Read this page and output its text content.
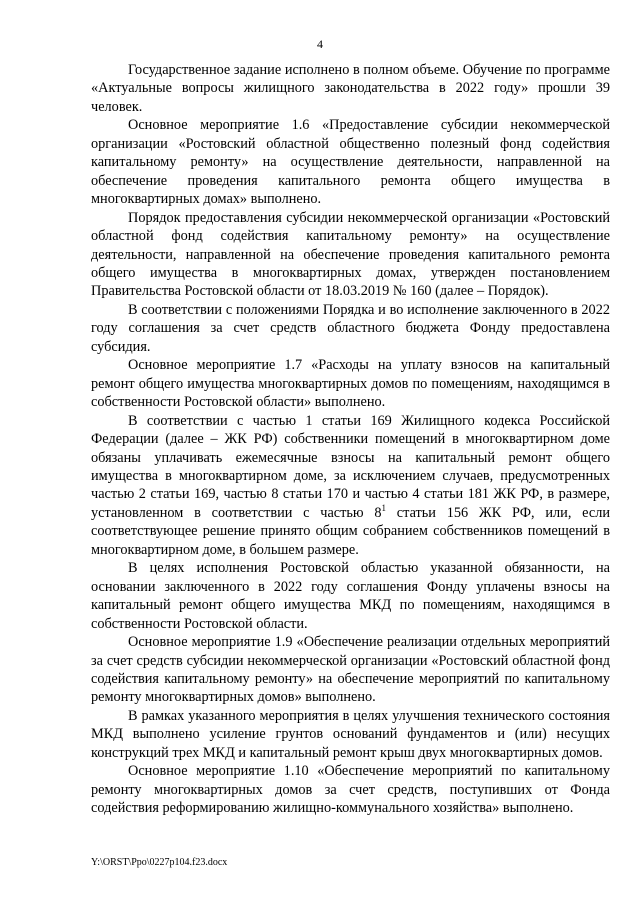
4

Государственное задание исполнено в полном объеме. Обучение по программе «Актуальные вопросы жилищного законодательства в 2022 году» прошли 39 человек.

Основное мероприятие 1.6 «Предоставление субсидии некоммерческой организации «Ростовский областной общественно полезный фонд содействия капитальному ремонту» на осуществление деятельности, направленной на обеспечение проведения капитального ремонта общего имущества в многоквартирных домах» выполнено.

Порядок предоставления субсидии некоммерческой организации «Ростовский областной фонд содействия капитальному ремонту» на осуществление деятельности, направленной на обеспечение проведения капитального ремонта общего имущества в многоквартирных домах, утвержден постановлением Правительства Ростовской области от 18.03.2019 № 160 (далее – Порядок).

В соответствии с положениями Порядка и во исполнение заключенного в 2022 году соглашения за счет средств областного бюджета Фонду предоставлена субсидия.

Основное мероприятие 1.7 «Расходы на уплату взносов на капитальный ремонт общего имущества многоквартирных домов по помещениям, находящимся в собственности Ростовской области» выполнено.

В соответствии с частью 1 статьи 169 Жилищного кодекса Российской Федерации (далее – ЖК РФ) собственники помещений в многоквартирном доме обязаны уплачивать ежемесячные взносы на капитальный ремонт общего имущества в многоквартирном доме, за исключением случаев, предусмотренных частью 2 статьи 169, частью 8 статьи 170 и частью 4 статьи 181 ЖК РФ, в размере, установленном в соответствии с частью $8^1$ статьи 156 ЖК РФ, или, если соответствующее решение принято общим собранием собственников помещений в многоквартирном доме, в большем размере.

В целях исполнения Ростовской областью указанной обязанности, на основании заключенного в 2022 году соглашения Фонду уплачены взносы на капитальный ремонт общего имущества МКД по помещениям, находящимся в собственности Ростовской области.

Основное мероприятие 1.9 «Обеспечение реализации отдельных мероприятий за счет средств субсидии некоммерческой организации «Ростовский областной фонд содействия капитальному ремонту» на обеспечение мероприятий по капитальному ремонту многоквартирных домов» выполнено.

В рамках указанного мероприятия в целях улучшения технического состояния МКД выполнено усиление грунтов оснований фундаментов и (или) несущих конструкций трех МКД и капитальный ремонт крыш двух многоквартирных домов.

Основное мероприятие 1.10 «Обеспечение мероприятий по капитальному ремонту многоквартирных домов за счет средств, поступивших от Фонда содействия реформированию жилищно-коммунального хозяйства» выполнено.

Y:\ORST\Ppo\0227p104.f23.docx
